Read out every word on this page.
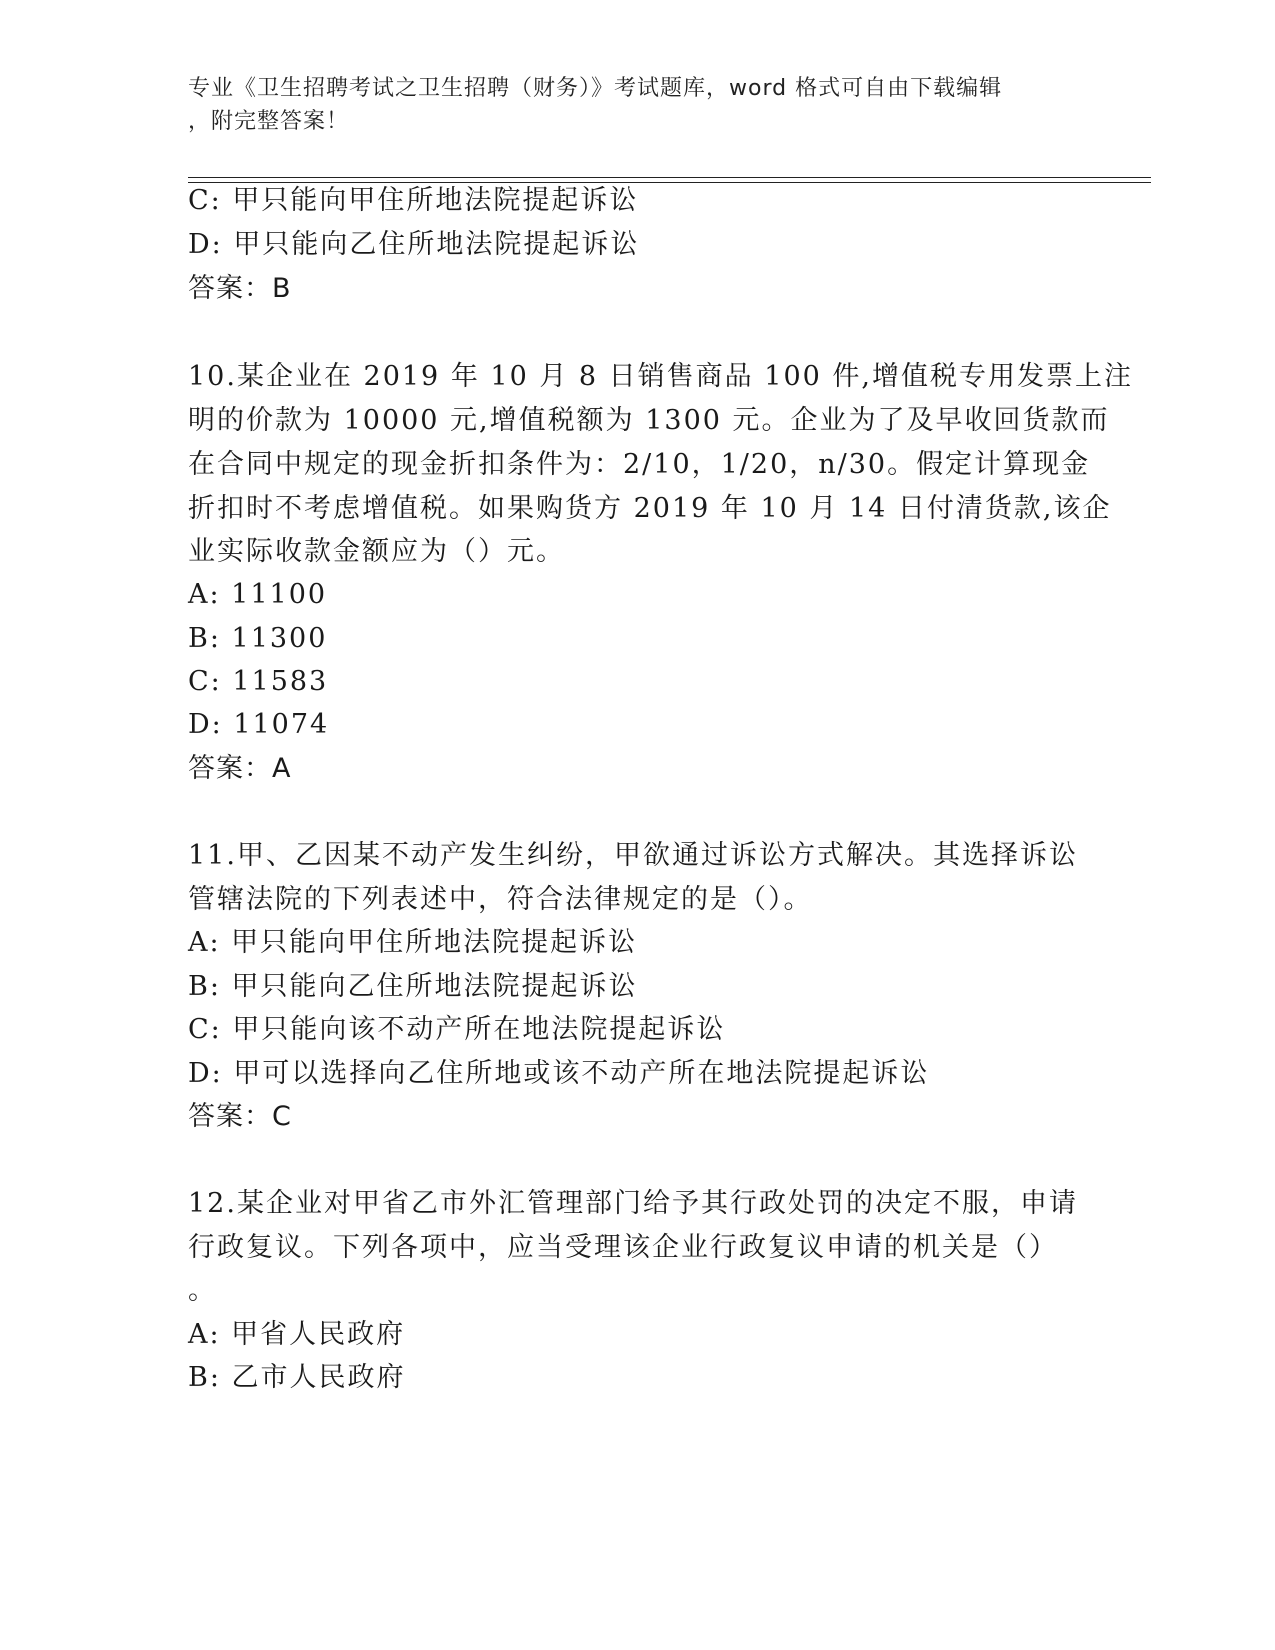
专业《卫生招聘考试之卫生招聘（财务）》考试题库，word 格式可自由下载编辑
，附完整答案！
C: 甲只能向甲住所地法院提起诉讼
D: 甲只能向乙住所地法院提起诉讼
答案：B
10.某企业在 2019 年 10 月 8 日销售商品 100 件,增值税专用发票上注
明的价款为 10000 元,增值税额为 1300 元。企业为了及早收回货款而
在合同中规定的现金折扣条件为：2/10，1/20，n/30。假定计算现金
折扣时不考虑增值税。如果购货方 2019 年 10 月 14 日付清货款,该企
业实际收款金额应为（）元。
A: 11100
B: 11300
C: 11583
D: 11074
答案：A
11.甲、乙因某不动产发生纠纷，甲欲通过诉讼方式解决。其选择诉讼
管辖法院的下列表述中，符合法律规定的是（）。
A: 甲只能向甲住所地法院提起诉讼
B: 甲只能向乙住所地法院提起诉讼
C: 甲只能向该不动产所在地法院提起诉讼
D: 甲可以选择向乙住所地或该不动产所在地法院提起诉讼
答案：C
12.某企业对甲省乙市外汇管理部门给予其行政处罚的决定不服，申请
行政复议。下列各项中，应当受理该企业行政复议申请的机关是（）
。
A: 甲省人民政府
B: 乙市人民政府
